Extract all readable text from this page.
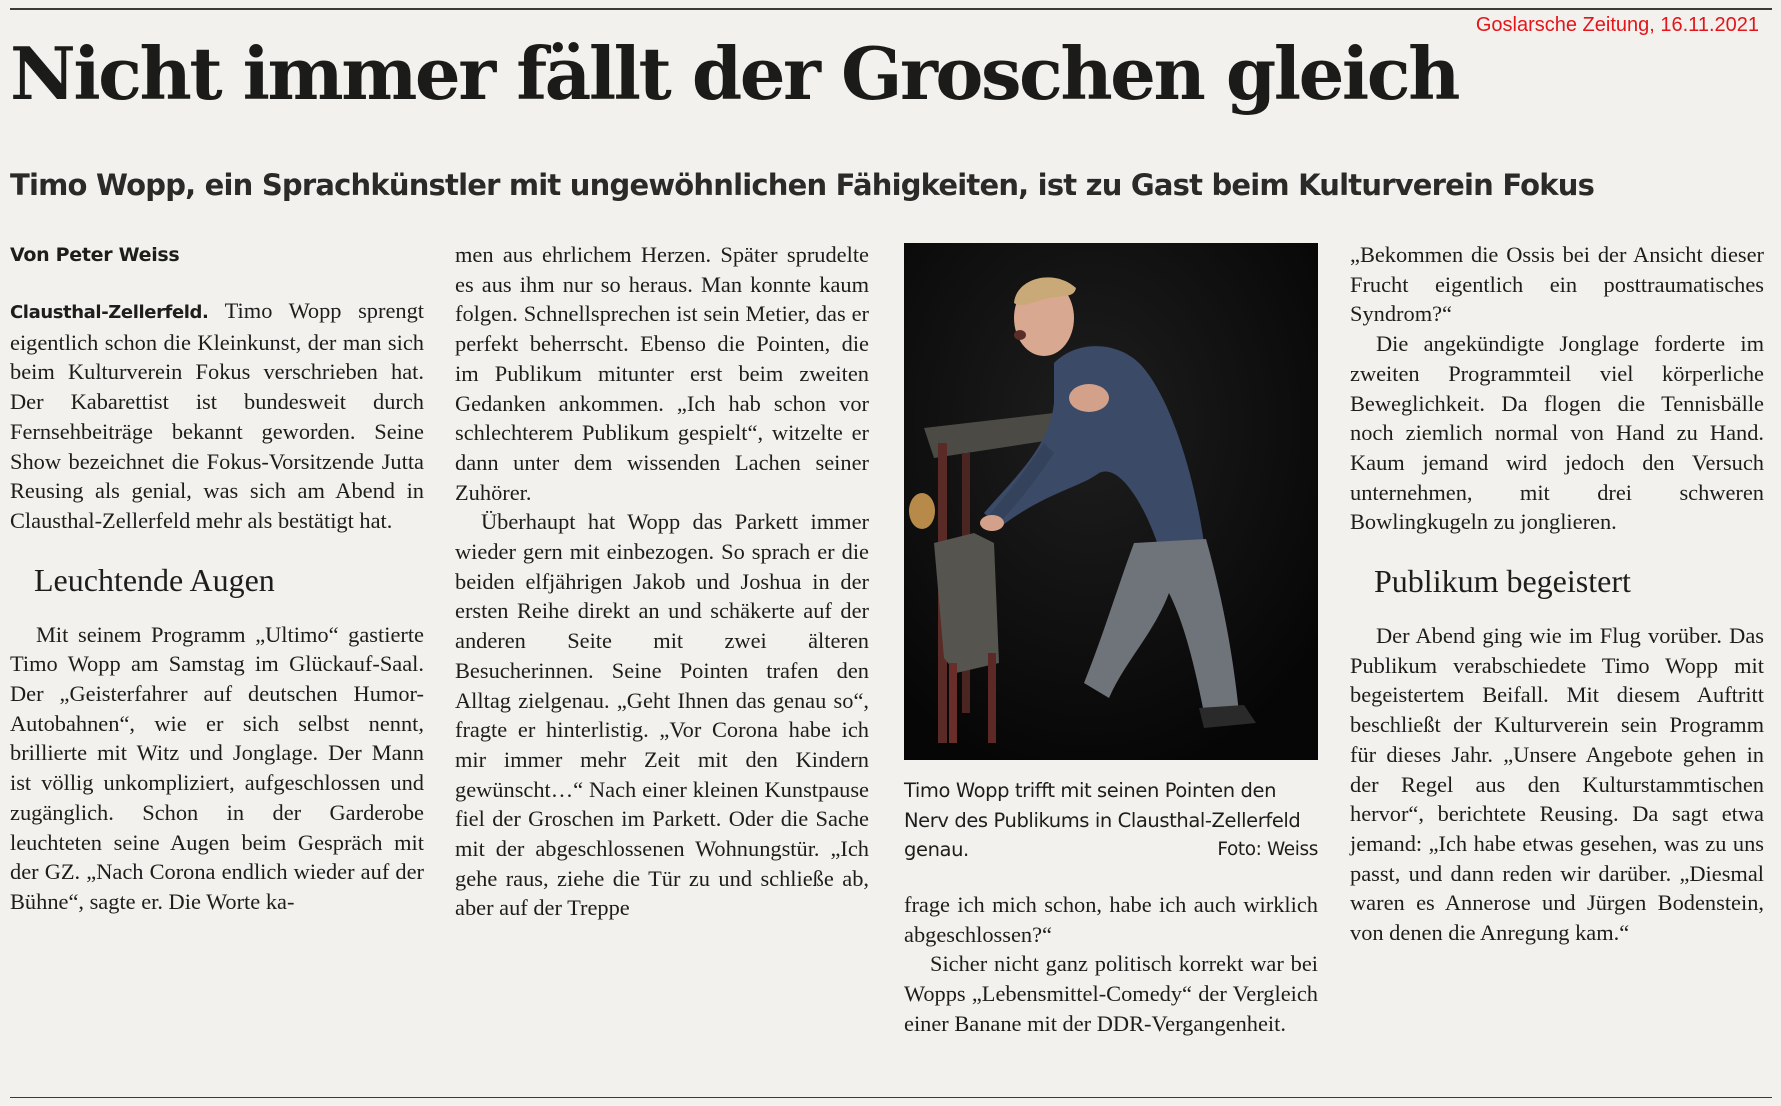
Goslarsche Zeitung, 16.11.2021
Nicht immer fällt der Groschen gleich
Timo Wopp, ein Sprachkünstler mit ungewöhnlichen Fähigkeiten, ist zu Gast beim Kulturverein Fokus

Von Peter Weiss

Clausthal-Zellerfeld. Timo Wopp sprengt eigentlich schon die Kleinkunst, der man sich beim Kulturverein Fokus verschrieben hat. Der Kabarettist ist bundesweit durch Fernsehbeiträge bekannt geworden. Seine Show bezeichnet die Fokus-Vorsitzende Jutta Reusing als genial, was sich am Abend in Clausthal-Zellerfeld mehr als bestätigt hat.

Leuchtende Augen

Mit seinem Programm „Ultimo“ gastierte Timo Wopp am Samstag im Glückauf-Saal. Der „Geisterfahrer auf deutschen Humor-Autobahnen“, wie er sich selbst nennt, brillierte mit Witz und Jonglage. Der Mann ist völlig unkompliziert, aufgeschlossen und zugänglich. Schon in der Garderobe leuchteten seine Augen beim Gespräch mit der GZ. „Nach Corona endlich wieder auf der Bühne“, sagte er. Die Worte ka-

men aus ehrlichem Herzen. Später sprudelte es aus ihm nur so heraus. Man konnte kaum folgen. Schnellsprechen ist sein Metier, das er perfekt beherrscht. Ebenso die Pointen, die im Publikum mitunter erst beim zweiten Gedanken ankommen. „Ich hab schon vor schlechterem Publikum gespielt“, witzelte er dann unter dem wissenden Lachen seiner Zuhörer.

Überhaupt hat Wopp das Parkett immer wieder gern mit einbezogen. So sprach er die beiden elfjährigen Jakob und Joshua in der ersten Reihe direkt an und schäkerte auf der anderen Seite mit zwei älteren Besucherinnen. Seine Pointen trafen den Alltag zielgenau. „Geht Ihnen das genau so“, fragte er hinterlistig. „Vor Corona habe ich mir immer mehr Zeit mit den Kindern gewünscht…“ Nach einer kleinen Kunstpause fiel der Groschen im Parkett. Oder die Sache mit der abgeschlossenen Wohnungstür. „Ich gehe raus, ziehe die Tür zu und schließe ab, aber auf der Treppe

Timo Wopp trifft mit seinen Pointen den Nerv des Publikums in Clausthal-Zellerfeld genau.	Foto: Weiss

frage ich mich schon, habe ich auch wirklich abgeschlossen?“

Sicher nicht ganz politisch korrekt war bei Wopps „Lebensmittel-Comedy“ der Vergleich einer Banane mit der DDR-Vergangenheit.

„Bekommen die Ossis bei der Ansicht dieser Frucht eigentlich ein posttraumatisches Syndrom?“

Die angekündigte Jonglage forderte im zweiten Programmteil viel körperliche Beweglichkeit. Da flogen die Tennisbälle noch ziemlich normal von Hand zu Hand. Kaum jemand wird jedoch den Versuch unternehmen, mit drei schweren Bowlingkugeln zu jonglieren.

Publikum begeistert

Der Abend ging wie im Flug vorüber. Das Publikum verabschiedete Timo Wopp mit begeistertem Beifall. Mit diesem Auftritt beschließt der Kulturverein sein Programm für dieses Jahr. „Unsere Angebote gehen in der Regel aus den Kulturstammtischen hervor“, berichtete Reusing. Da sagt etwa jemand: „Ich habe etwas gesehen, was zu uns passt, und dann reden wir darüber. „Diesmal waren es Annerose und Jürgen Bodenstein, von denen die Anregung kam.“
